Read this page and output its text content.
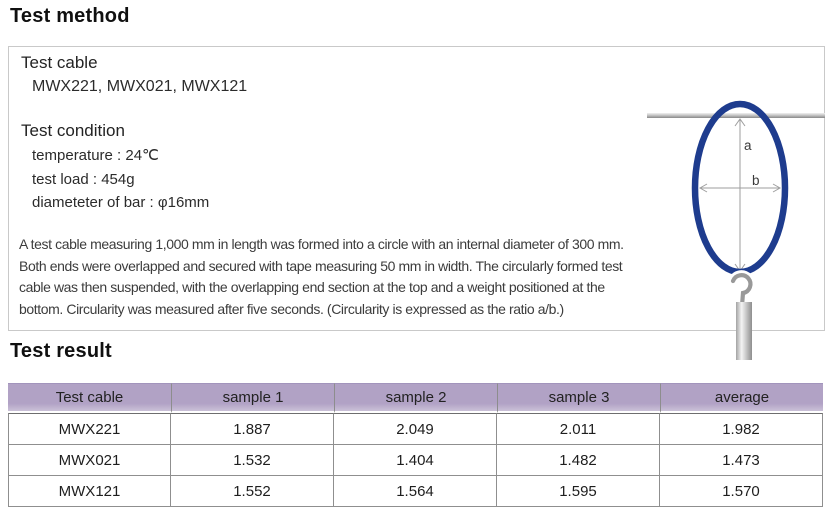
Test method
Test cable
MWX221, MWX021, MWX121
Test condition
temperature : 24℃
test load : 454g
diameteter of bar : φ16mm
A test cable measuring 1,000 mm in length was formed into a circle with an internal diameter of 300 mm. Both ends were overlapped and secured with tape measuring 50 mm in width. The circularly formed test cable was then suspended, with the overlapping end section at the top and a weight positioned at the bottom. Circularity was measured after five seconds. (Circularity is expressed as the ratio a/b.)
a
b
Test result
Test cable	sample 1	sample 2	sample 3	average
MWX221	1.887	2.049	2.011	1.982
MWX021	1.532	1.404	1.482	1.473
MWX121	1.552	1.564	1.595	1.570
